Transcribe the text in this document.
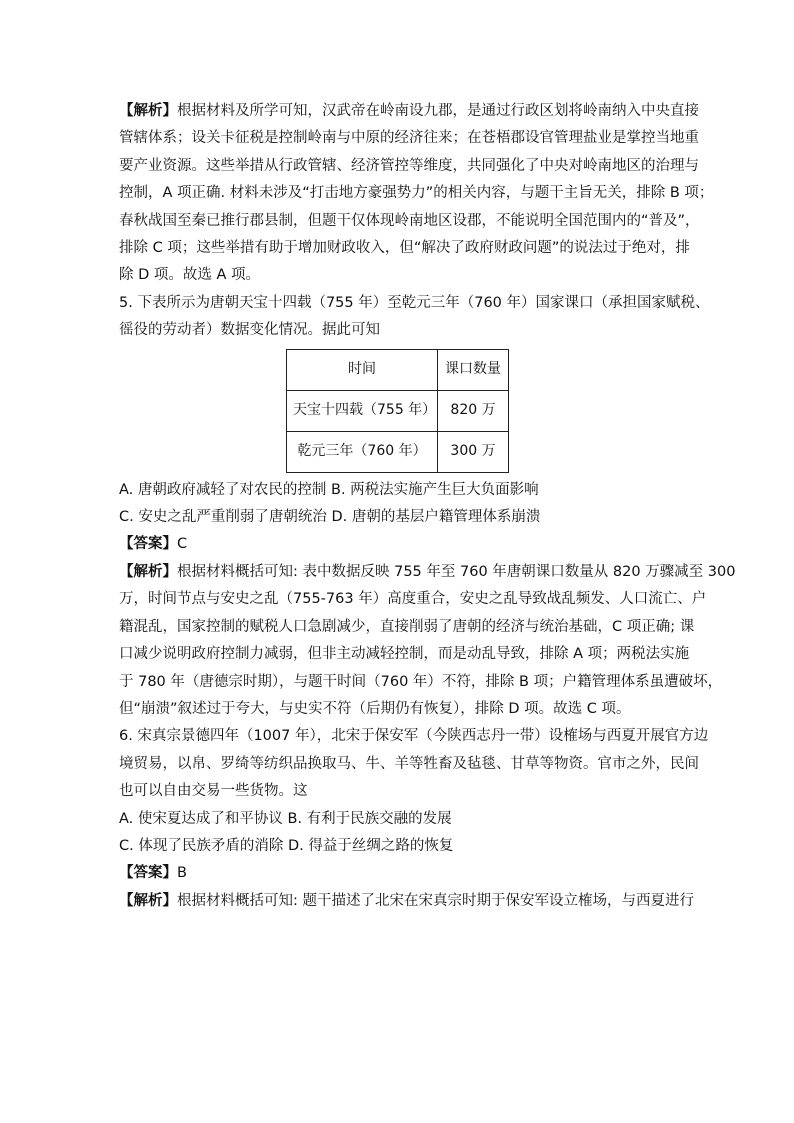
【解析】根据材料及所学可知，汉武帝在岭南设九郡，是通过行政区划将岭南纳入中央直接
管辖体系；设关卡征税是控制岭南与中原的经济往来；在苍梧郡设官管理盐业是掌控当地重
要产业资源。这些举措从行政管辖、经济管控等维度，共同强化了中央对岭南地区的治理与
控制，A 项正确. 材料未涉及“打击地方豪强势力”的相关内容，与题干主旨无关，排除 B 项；
春秋战国至秦已推行郡县制，但题干仅体现岭南地区设郡，不能说明全国范围内的“普及”，
排除 C 项；这些举措有助于增加财政收入，但“解决了政府财政问题”的说法过于绝对，排
除 D 项。故选 A 项。

5. 下表所示为唐朝天宝十四载（755 年）至乾元三年（760 年）国家课口（承担国家赋税、
徭役的劳动者）数据变化情况。据此可知

时间	课口数量
天宝十四载（755 年）	820 万
乾元三年（760 年）	300 万

A. 唐朝政府减轻了对农民的控制 B. 两税法实施产生巨大负面影响
C. 安史之乱严重削弱了唐朝统治 D. 唐朝的基层户籍管理体系崩溃

【答案】C

【解析】根据材料概括可知: 表中数据反映 755 年至 760 年唐朝课口数量从 820 万骤减至 300
万，时间节点与安史之乱（755-763 年）高度重合，安史之乱导致战乱频发、人口流亡、户
籍混乱，国家控制的赋税人口急剧减少，直接削弱了唐朝的经济与统治基础，C 项正确; 课
口减少说明政府控制力减弱，但非主动减轻控制，而是动乱导致，排除 A 项；两税法实施
于 780 年（唐德宗时期），与题干时间（760 年）不符，排除 B 项；户籍管理体系虽遭破坏，
但“崩溃”叙述过于夸大，与史实不符（后期仍有恢复），排除 D 项。故选 C 项。

6. 宋真宗景德四年（1007 年），北宋于保安军（今陕西志丹一带）设榷场与西夏开展官方边
境贸易，以帛、罗绮等纺织品换取马、牛、羊等牲畜及毡毯、甘草等物资。官市之外，民间
也可以自由交易一些货物。这

A. 使宋夏达成了和平协议 B. 有利于民族交融的发展
C. 体现了民族矛盾的消除 D. 得益于丝绸之路的恢复

【答案】B

【解析】根据材料概括可知: 题干描述了北宋在宋真宗时期于保安军设立榷场，与西夏进行
